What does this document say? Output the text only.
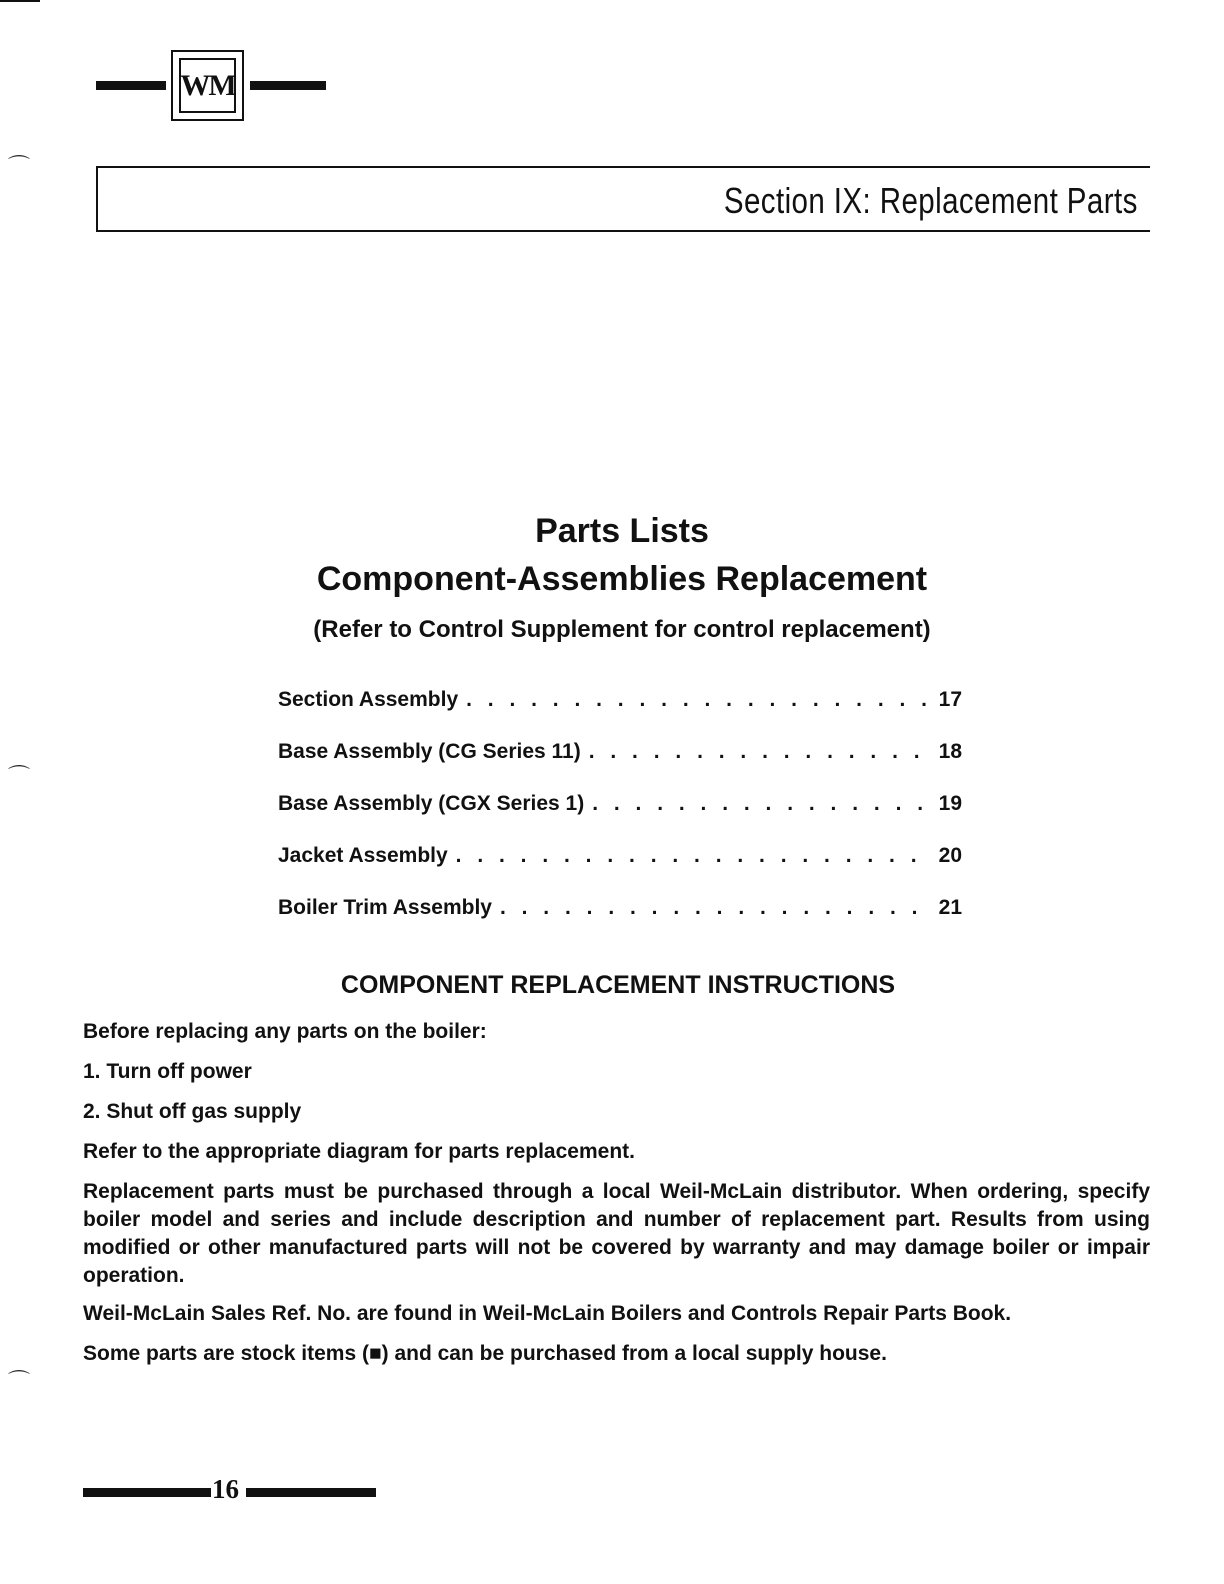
⌒
⌒
⌒
WM
Section IX: Replacement Parts
Parts Lists
Component-Assemblies Replacement
(Refer to Control Supplement for control replacement)
Section Assembly . . .	17
Base Assembly (CG Series 11) . . .	18
Base Assembly (CGX Series 1) . . .	19
Jacket Assembly . . .	20
Boiler Trim Assembly . . .	21
COMPONENT REPLACEMENT INSTRUCTIONS
Before replacing any parts on the boiler:
1. Turn off power
2. Shut off gas supply
Refer to the appropriate diagram for parts replacement.
Replacement parts must be purchased through a local Weil-McLain distributor. When ordering, specify boiler model and series and include description and number of replacement part. Results from using modified or other manufactured parts will not be covered by warranty and may damage boiler or impair operation.
Weil-McLain Sales Ref. No. are found in Weil-McLain Boilers and Controls Repair Parts Book.
Some parts are stock items (■) and can be purchased from a local supply house.
16
